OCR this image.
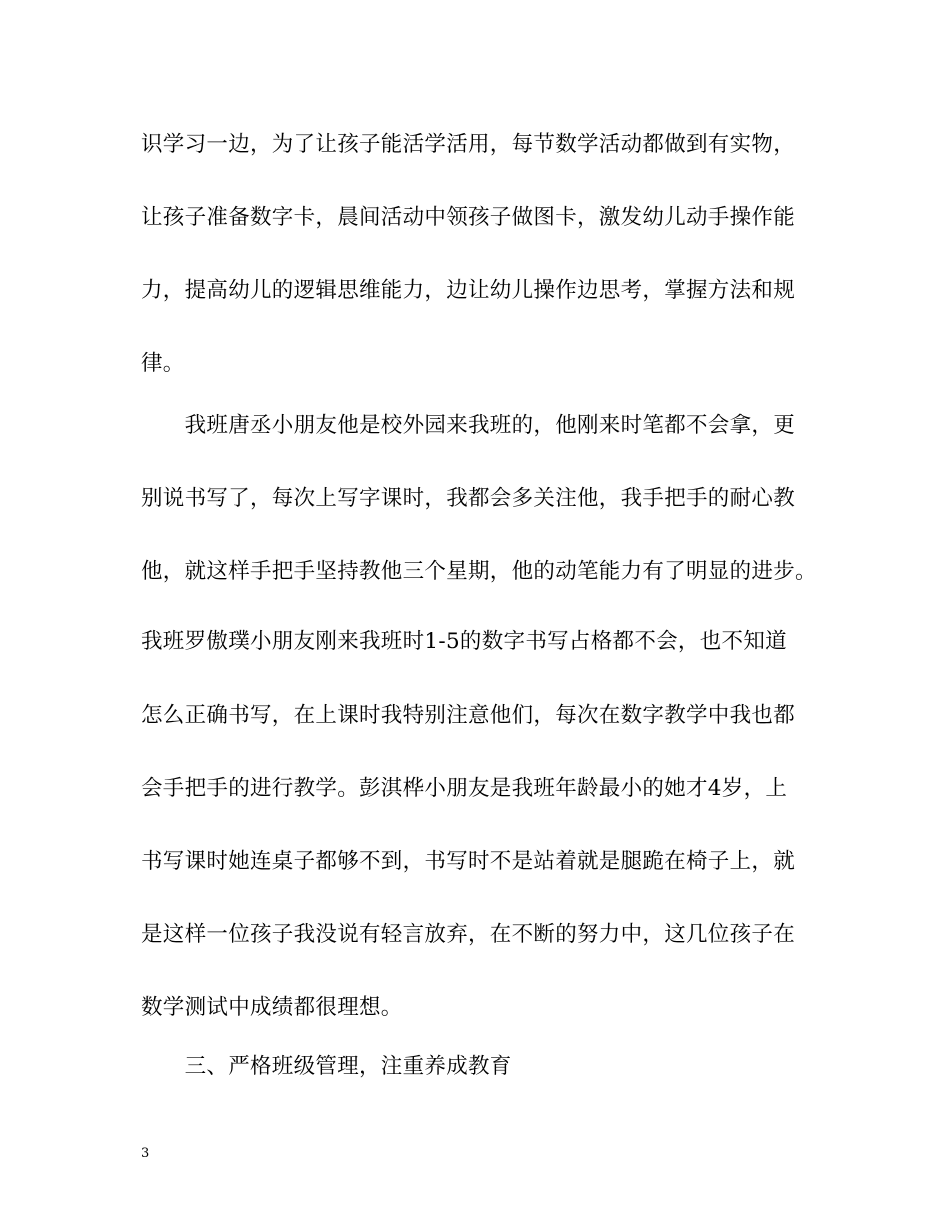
识学习一边，为了让孩子能活学活用，每节数学活动都做到有实物，
让孩子准备数字卡，晨间活动中领孩子做图卡，激发幼儿动手操作能
力，提高幼儿的逻辑思维能力，边让幼儿操作边思考，掌握方法和规
律。
　　我班唐丞小朋友他是校外园来我班的，他刚来时笔都不会拿，更
别说书写了，每次上写字课时，我都会多关注他，我手把手的耐心教
他，就这样手把手坚持教他三个星期，他的动笔能力有了明显的进步。
我班罗傲璞小朋友刚来我班时1-5的数字书写占格都不会，也不知道
怎么正确书写，在上课时我特别注意他们，每次在数字教学中我也都
会手把手的进行教学。彭淇桦小朋友是我班年龄最小的她才4岁，上
书写课时她连桌子都够不到，书写时不是站着就是腿跪在椅子上，就
是这样一位孩子我没说有轻言放弃，在不断的努力中，这几位孩子在
数学测试中成绩都很理想。
　　三、严格班级管理，注重养成教育
3
